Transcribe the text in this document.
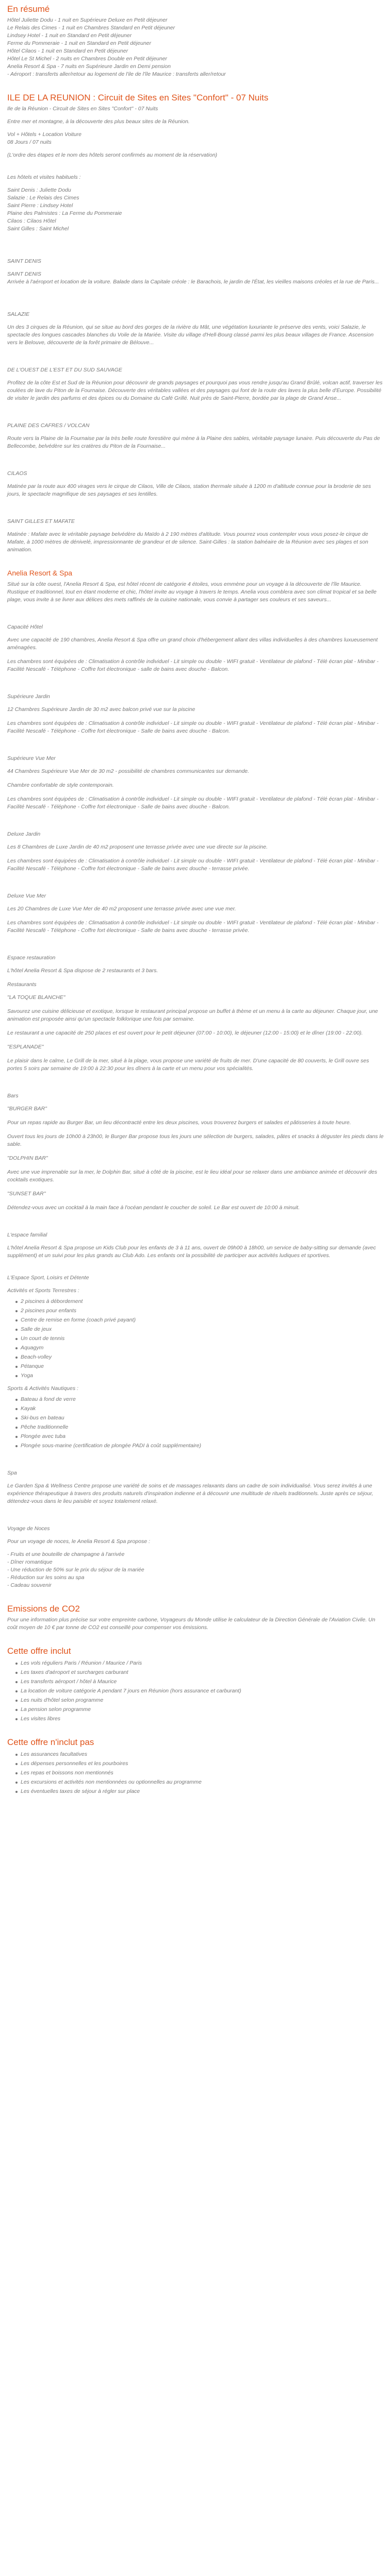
En résumé

Hôtel Juliette Dodu - 1 nuit en Supérieure Deluxe en Petit déjeuner

Le Relais des Cimes - 1 nuit en Chambres Standard en Petit déjeuner

Lindsey Hotel - 1 nuit en Standard en Petit déjeuner

Ferme du Pommeraie - 1 nuit en Standard en Petit déjeuner

Hôtel Cilaos - 1 nuit en Standard en Petit déjeuner

Hôtel Le St Michel - 2 nuits en Chambres Double en Petit déjeuner

Anelia Resort & Spa - 7 nuits en Supérieure Jardin en Demi pension

- Aéroport : transferts aller/retour au logement de l'ile de l'île Maurice : transferts aller/retour

ILE DE LA REUNION : Circuit de Sites en Sites "Confort" - 07 Nuits

Ile de la Réunion - Circuit de Sites en Sites "Confort" - 07 Nuits

Entre mer et montagne, à la découverte des plus beaux sites de la Réunion.

Vol + Hôtels + Location Voiture

08 Jours / 07 nuits

(L'ordre des étapes et le nom des hôtels seront confirmés au moment de la réservation)

Les hôtels et visites habituels :

Saint Denis : Juliette Dodu

Salazie : Le Relais des Cimes

Saint Pierre : Lindsey Hotel

Plaine des Palmistes : La Ferme du Pommeraie

Cilaos : Cilaos Hôtel

Saint Gilles : Saint Michel

SAINT DENIS

SAINT DENIS

Arrivée à l'aéroport et location de la voiture. Balade dans la Capitale créole : le Barachois, le jardin de l'État, les vieilles maisons créoles et la rue de Paris...

SALAZIE

Un des 3 cirques de la Réunion, qui se situe au bord des gorges de la rivière du Mât, une végétation luxuriante le préserve des vents, voici Salazie, le spectacle des longues cascades blanches du Voile de la Mariée. Visite du village d'Hell-Bourg classé parmi les plus beaux villages de France. Ascension vers le Belouve, découverte de la forêt primaire de Bélouve...

DE L'OUEST DE L'EST ET DU SUD SAUVAGE

Profitez de la côte Est et Sud de la Réunion pour découvrir de grands paysages et pourquoi pas vous rendre jusqu'au Grand Brûlé, volcan actif, traverser les coulées de lave du Piton de la Fournaise. Découverte des véritables vallées et des paysages qui font de la route des laves la plus belle d'Europe. Possibilité de visiter le jardin des parfums et des épices ou du Domaine du Café Grillé. Nuit près de Saint-Pierre, bordée par la plage de Grand Anse...

PLAINE DES CAFRES / VOLCAN

Route vers la Plaine de la Fournaise par la très belle route forestière qui mène à la Plaine des sables, véritable paysage lunaire. Puis découverte du Pas de Bellecombe, belvédère sur les cratères du Piton de la Fournaise...

CILAOS

Matinée par la route aux 400 virages vers le cirque de Cilaos, Ville de Cilaos, station thermale située à 1200 m d'altitude connue pour la broderie de ses jours, le spectacle magnifique de ses paysages et ses lentilles.

SAINT GILLES ET MAFATE

Matinée : Mafate avec le véritable paysage belvédère du Maïdo à 2 190 mètres d'altitude. Vous pourrez vous contempler vous vous posez-le cirque de Mafate, à 1000 mètres de dénivelé, impressionnante de grandeur et de silence. Saint-Gilles : la station balnéaire de la Réunion avec ses plages et son animation.

Anelia Resort & Spa

Situé sur la côte ouest, l'Anelia Resort & Spa, est hôtel récent de catégorie 4 étoiles, vous emmène pour un voyage à la découverte de l'île Maurice. Rustique et traditionnel, tout en étant moderne et chic, l'hôtel invite au voyage à travers le temps. Anelia vous comblera avec son climat tropical et sa belle plage, vous invite à se livrer aux délices des mets raffinés de la cuisine nationale, vous convie à partager ses couleurs et ses saveurs...

Capacité Hôtel

Avec une capacité de 190 chambres, Anelia Resort & Spa offre un grand choix d'hébergement allant des villas individuelles à des chambres luxueusement aménagées.

Les chambres sont équipées de : Climatisation à contrôle individuel - Lit simple ou double - WIFI gratuit - Ventilateur de plafond - Télé écran plat - Minibar - Facilité Nescafé - Téléphone - Coffre fort électronique - salle de bains avec douche - Balcon.

Supérieure Jardin

12 Chambres Supérieure Jardin de 30 m2 avec balcon privé vue sur la piscine

Les chambres sont équipées de : Climatisation à contrôle individuel - Lit simple ou double - WIFI gratuit - Ventilateur de plafond - Télé écran plat - Minibar - Facilité Nescafé - Téléphone - Coffre fort électronique - Salle de bains avec douche - Balcon.

Supérieure Vue Mer

44 Chambres Supérieure Vue Mer de 30 m2 - possibilité de chambres communicantes sur demande.

Chambre confortable de style contemporain.

Les chambres sont équipées de : Climatisation à contrôle individuel - Lit simple ou double - WIFI gratuit - Ventilateur de plafond - Télé écran plat - Minibar - Facilité Nescafé - Téléphone - Coffre fort électronique - Salle de bains avec douche - Balcon.

Deluxe Jardin

Les 8 Chambres de Luxe Jardin de 40 m2 proposent une terrasse privée avec une vue directe sur la piscine.

Les chambres sont équipées de : Climatisation à contrôle individuel - Lit simple ou double - WIFI gratuit - Ventilateur de plafond - Télé écran plat - Minibar - Facilité Nescafé - Téléphone - Coffre fort électronique - Salle de bains avec douche - terrasse privée.

Deluxe Vue Mer

Les 20 Chambres de Luxe Vue Mer de 40 m2 proposent une terrasse privée avec une vue mer.

Les chambres sont équipées de : Climatisation à contrôle individuel - Lit simple ou double - WIFI gratuit - Ventilateur de plafond - Télé écran plat - Minibar - Facilité Nescafé - Téléphone - Coffre fort électronique - Salle de bains avec douche - terrasse privée.

Espace restauration

L'hôtel Anelia Resort & Spa dispose de 2 restaurants et 3 bars.

Restaurants

"LA TOQUE BLANCHE"

Savourez une cuisine délicieuse et exotique, lorsque le restaurant principal propose un buffet à thème et un menu à la carte au déjeuner. Chaque jour, une animation est proposée ainsi qu'un spectacle folklorique une fois par semaine.

Le restaurant a une capacité de 250 places et est ouvert pour le petit déjeuner (07:00 - 10:00), le déjeuner (12:00 - 15:00) et le dîner (19:00 - 22:00).

"ESPLANADE"

Le plaisir dans le calme, Le Grill de la mer, situé à la plage, vous propose une variété de fruits de mer. D'une capacité de 80 couverts, le Grill ouvre ses portes 5 soirs par semaine de 19:00 à 22:30 pour les dîners à la carte et un menu pour vos spécialités.

Bars

"BURGER BAR"

Pour un repas rapide au Burger Bar, un lieu décontracté entre les deux piscines, vous trouverez burgers et salades et pâtisseries à toute heure.

Ouvert tous les jours de 10h00 à 23h00, le Burger Bar propose tous les jours une sélection de burgers, salades, pâtes et snacks à déguster les pieds dans le sable.

"DOLPHIN BAR"

Avec une vue imprenable sur la mer, le Dolphin Bar, situé à côté de la piscine, est le lieu idéal pour se relaxer dans une ambiance animée et découvrir des cocktails exotiques.

"SUNSET BAR"

Détendez-vous avec un cocktail à la main face à l'océan pendant le coucher de soleil. Le Bar est ouvert de 10:00 à minuit.

L'espace familial

L'hôtel Anelia Resort & Spa propose un Kids Club pour les enfants de 3 à 11 ans, ouvert de 09h00 à 18h00, un service de baby-sitting sur demande (avec supplément) et un suivi pour les plus grands au Club Ado. Les enfants ont la possibilité de participer aux activités ludiques et sportives.

L'Espace Sport, Loisirs et Détente

Activités et Sports Terrestres :

2 piscines à débordement
2 piscines pour enfants
Centre de remise en forme (coach privé payant)
Salle de jeux
Un court de tennis
Aquagym
Beach-volley
Pétanque
Yoga

Sports & Activités Nautiques :

Bateau à fond de verre
Kayak
Ski-bus en bateau
Pêche traditionnelle
Plongée avec tuba
Plongée sous-marine (certification de plongée PADI à coût supplémentaire)

Spa

Le Garden Spa & Wellness Centre propose une variété de soins et de massages relaxants dans un cadre de soin individualisé. Vous serez invités à une expérience thérapeutique à travers des produits naturels d'inspiration indienne et à découvrir une multitude de rituels traditionnels. Juste après ce séjour, détendez-vous dans le lieu paisible et soyez totalement relaxé.

Voyage de Noces

Pour un voyage de noces, le Anelia Resort & Spa propose :

- Fruits et une bouteille de champagne à l'arrivée

- Dîner romantique

- Une réduction de 50% sur le prix du séjour de la mariée

- Réduction sur les soins au spa

- Cadeau souvenir

Emissions de CO2

Pour une information plus précise sur votre empreinte carbone, Voyageurs du Monde utilise le calculateur de la Direction Générale de l'Aviation Civile. Un coût moyen de 10 € par tonne de CO2 est conseillé pour compenser vos émissions.

Cette offre inclut
Les vols réguliers Paris / Réunion / Maurice / Paris
Les taxes d'aéroport et surcharges carburant
Les transferts aéroport / hôtel à Maurice
La location de voiture catégorie A pendant 7 jours en Réunion (hors assurance et carburant)
Les nuits d'hôtel selon programme
La pension selon programme
Les visites libres
Cette offre n'inclut pas
Les assurances facultatives
Les dépenses personnelles et les pourboires
Les repas et boissons non mentionnés
Les excursions et activités non mentionnées ou optionnelles au programme
Les éventuelles taxes de séjour à régler sur place
